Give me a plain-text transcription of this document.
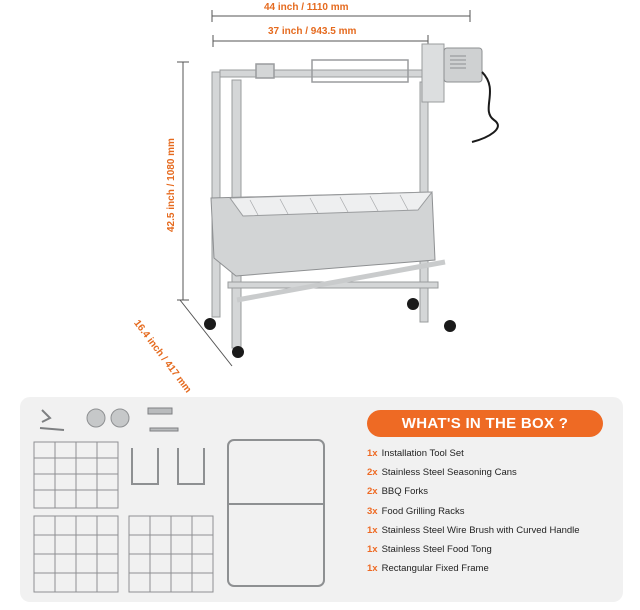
44 inch / 1110 mm
37 inch / 943.5 mm
42.5 inch / 1080 mm
16.4 inch / 417 mm
WHAT'S IN THE BOX ?
1x Installation Tool Set
2x Stainless Steel Seasoning Cans
2x BBQ Forks
3x Food Grilling Racks
1x Stainless Steel Wire Brush with Curved Handle
1x Stainless Steel Food Tong
1x Rectangular Fixed Frame
